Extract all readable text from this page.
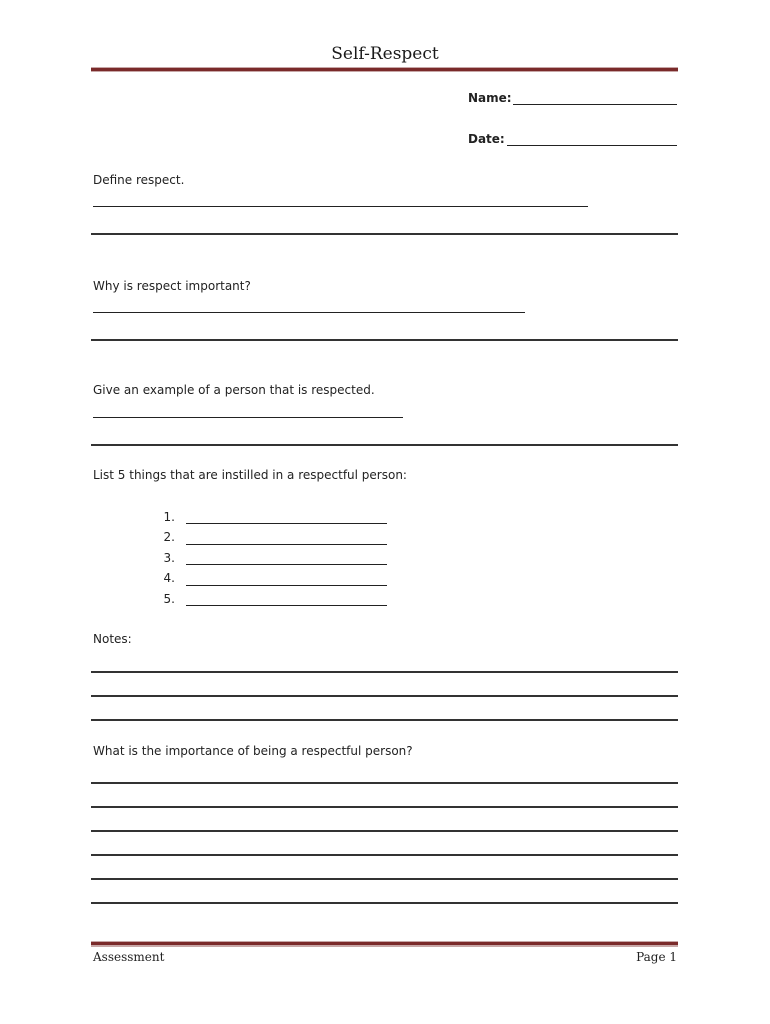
Self-Respect
Name:
Date:
Define respect.
Why is respect important?
Give an example of a person that is respected.
List 5 things that are instilled in a respectful person:
1.
2.
3.
4.
5.
Notes:
What is the importance of being a respectful person?
Assessment	Page 1
